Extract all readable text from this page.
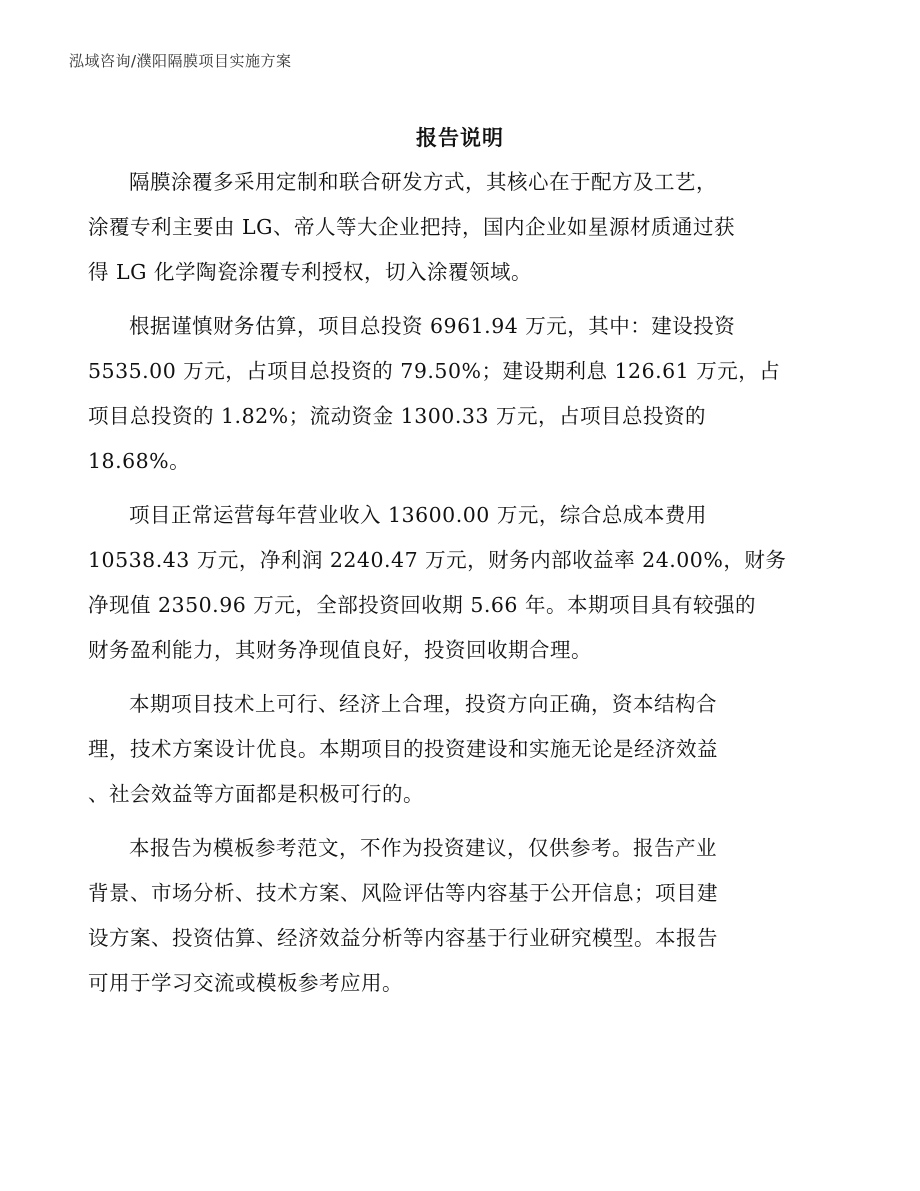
泓域咨询/濮阳隔膜项目实施方案
报告说明

隔膜涂覆多采用定制和联合研发方式，其核心在于配方及工艺，
涂覆专利主要由 LG、帝人等大企业把持，国内企业如星源材质通过获
得 LG 化学陶瓷涂覆专利授权，切入涂覆领域。

根据谨慎财务估算，项目总投资 6961.94 万元，其中：建设投资
5535.00 万元，占项目总投资的 79.50%；建设期利息 126.61 万元，占
项目总投资的 1.82%；流动资金 1300.33 万元，占项目总投资的
18.68%。

项目正常运营每年营业收入 13600.00 万元，综合总成本费用
10538.43 万元，净利润 2240.47 万元，财务内部收益率 24.00%，财务
净现值 2350.96 万元，全部投资回收期 5.66 年。本期项目具有较强的
财务盈利能力，其财务净现值良好，投资回收期合理。

本期项目技术上可行、经济上合理，投资方向正确，资本结构合
理，技术方案设计优良。本期项目的投资建设和实施无论是经济效益
、社会效益等方面都是积极可行的。

本报告为模板参考范文，不作为投资建议，仅供参考。报告产业
背景、市场分析、技术方案、风险评估等内容基于公开信息；项目建
设方案、投资估算、经济效益分析等内容基于行业研究模型。本报告
可用于学习交流或模板参考应用。
